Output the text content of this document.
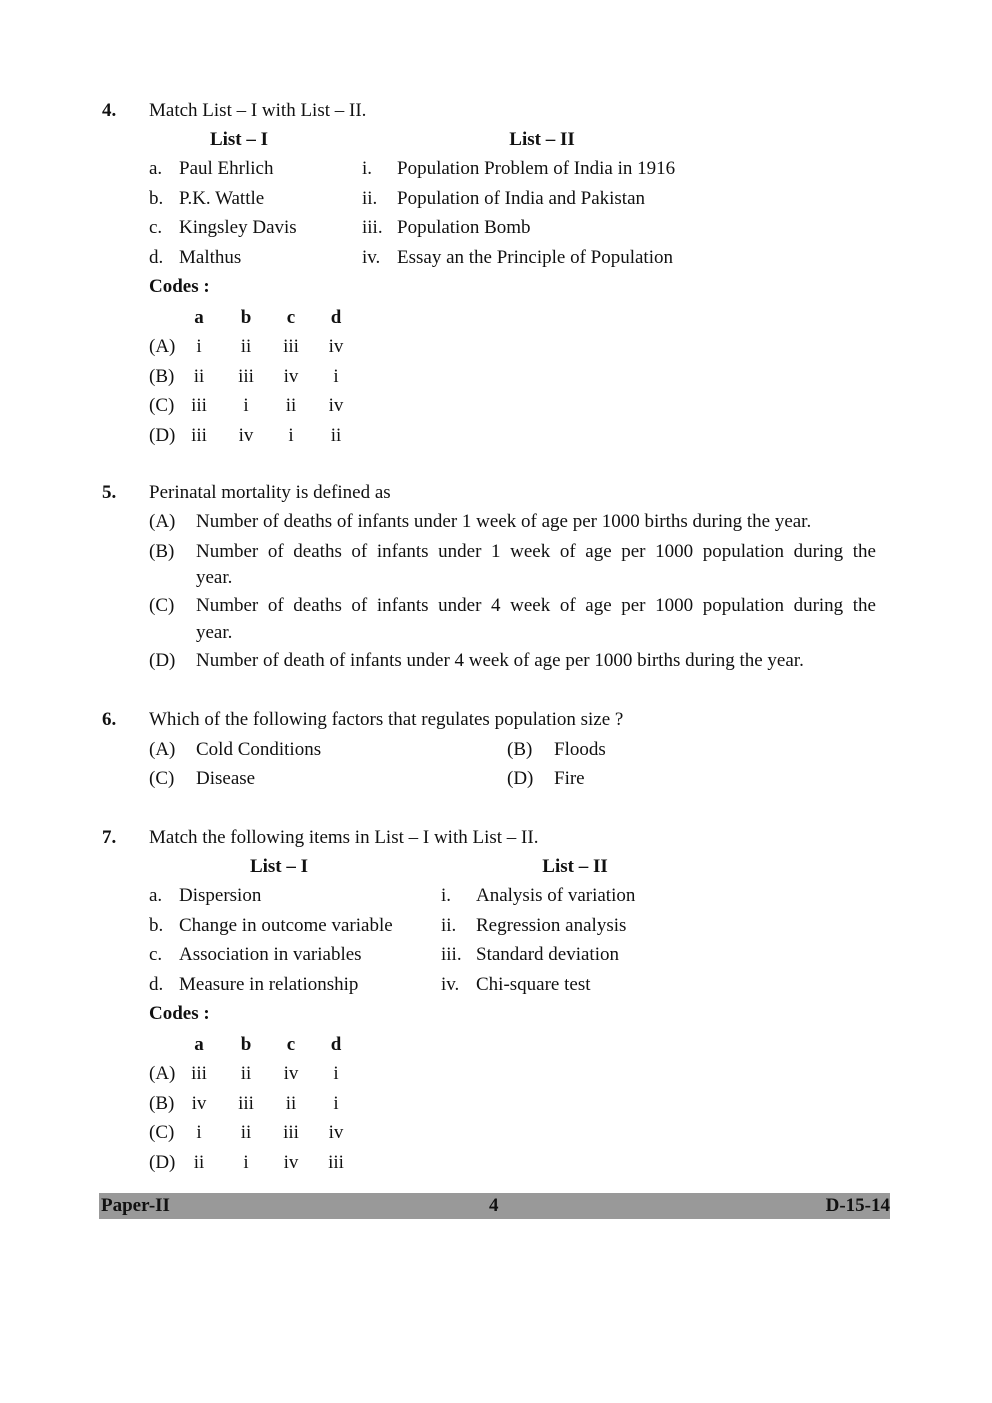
4. Match List – I with List – II.
List – I	List – II
a. Paul Ehrlich	i. Population Problem of India in 1916
b. P.K. Wattle	ii. Population of India and Pakistan
c. Kingsley Davis	iii. Population Bomb
d. Malthus	iv. Essay an the Principle of Population
Codes :
a b c d
(A) i ii iii iv
(B) ii iii iv i
(C) iii i ii iv
(D) iii iv i ii
5. Perinatal mortality is defined as
(A) Number of deaths of infants under 1 week of age per 1000 births during the year.
(B) Number of deaths of infants under 1 week of age per 1000 population during the
year.
(C) Number of deaths of infants under 4 week of age per 1000 population during the
year.
(D) Number of death of infants under 4 week of age per 1000 births during the year.
6. Which of the following factors that regulates population size ?
(A) Cold Conditions	(B) Floods
(C) Disease	(D) Fire
7. Match the following items in List – I with List – II.
List – I	List – II
a. Dispersion	i. Analysis of variation
b. Change in outcome variable	ii. Regression analysis
c. Association in variables	iii. Standard deviation
d. Measure in relationship	iv. Chi-square test
Codes :
a b c d
(A) iii ii iv i
(B) iv iii ii i
(C) i ii iii iv
(D) ii i iv iii
Paper-II	4	D-15-14
